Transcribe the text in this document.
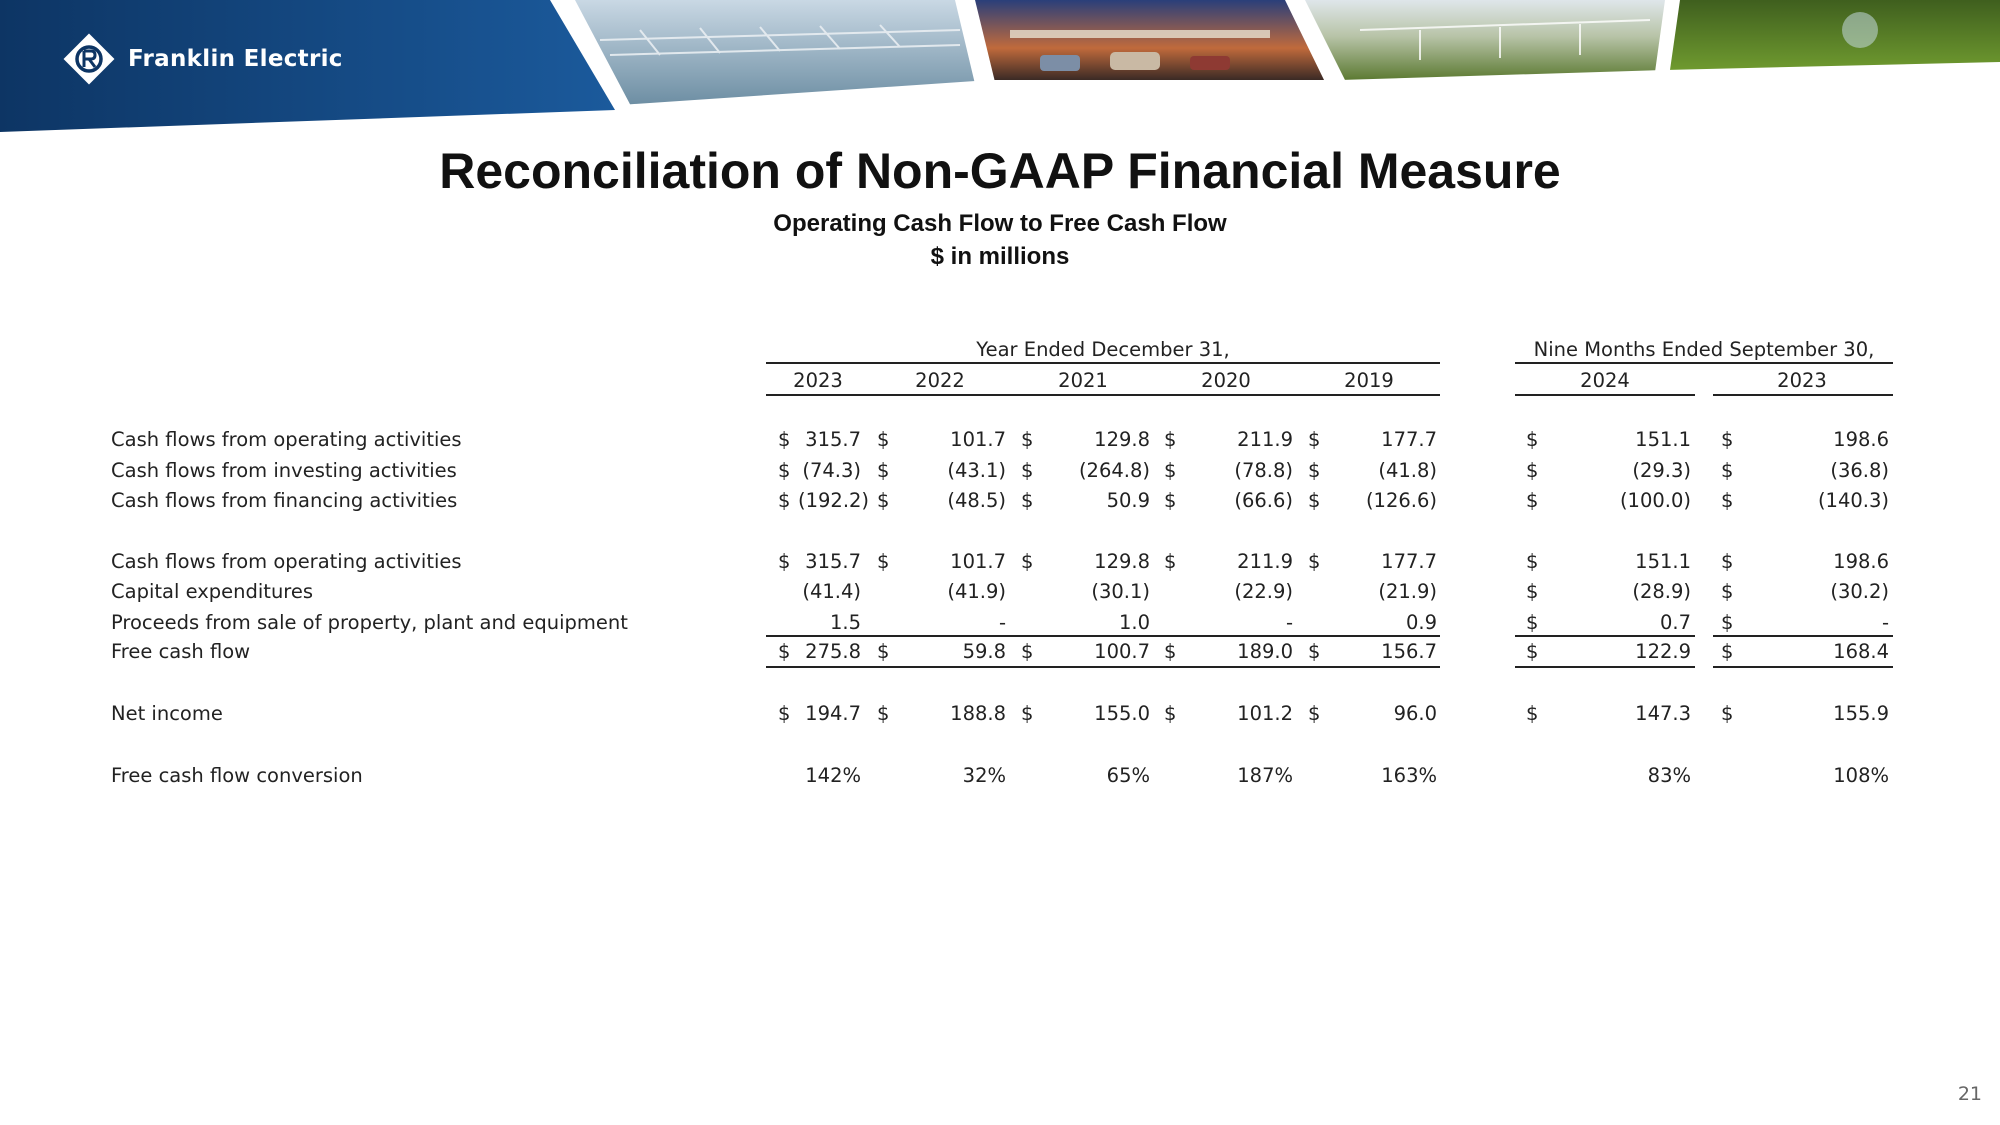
Franklin Electric
Reconciliation of Non-GAAP Financial Measure
Operating Cash Flow to Free Cash Flow
$ in millions
Year Ended December 31,	Nine Months Ended September 30,
2023	2022	2021	2020	2019	2024	2023
Cash flows from operating activities	$ 315.7 $	101.7 $	129.8 $	211.9 $	177.7	$	151.1 $	198.6
Cash flows from investing activities	$ (74.3) $	(43.1) $	(264.8) $	(78.8) $	(41.8)	$	(29.3) $	(36.8)
Cash flows from financing activities	$ (192.2) $	(48.5) $	50.9 $	(66.6) $	(126.6)	$	(100.0) $	(140.3)
Cash flows from operating activities	$ 315.7 $	101.7 $	129.8 $	211.9 $	177.7	$	151.1 $	198.6
Capital expenditures	(41.4)	(41.9)	(30.1)	(22.9)	(21.9)	$	(28.9) $	(30.2)
Proceeds from sale of property, plant and equipment	1.5	-	1.0	-	0.9	$	0.7 $	-
Free cash flow	$ 275.8 $	59.8 $	100.7 $	189.0 $	156.7	$	122.9 $	168.4
Net income	$ 194.7 $	188.8 $	155.0 $	101.2 $	96.0	$	147.3 $	155.9
Free cash flow conversion	142%	32%	65%	187%	163%	83%	108%
21
